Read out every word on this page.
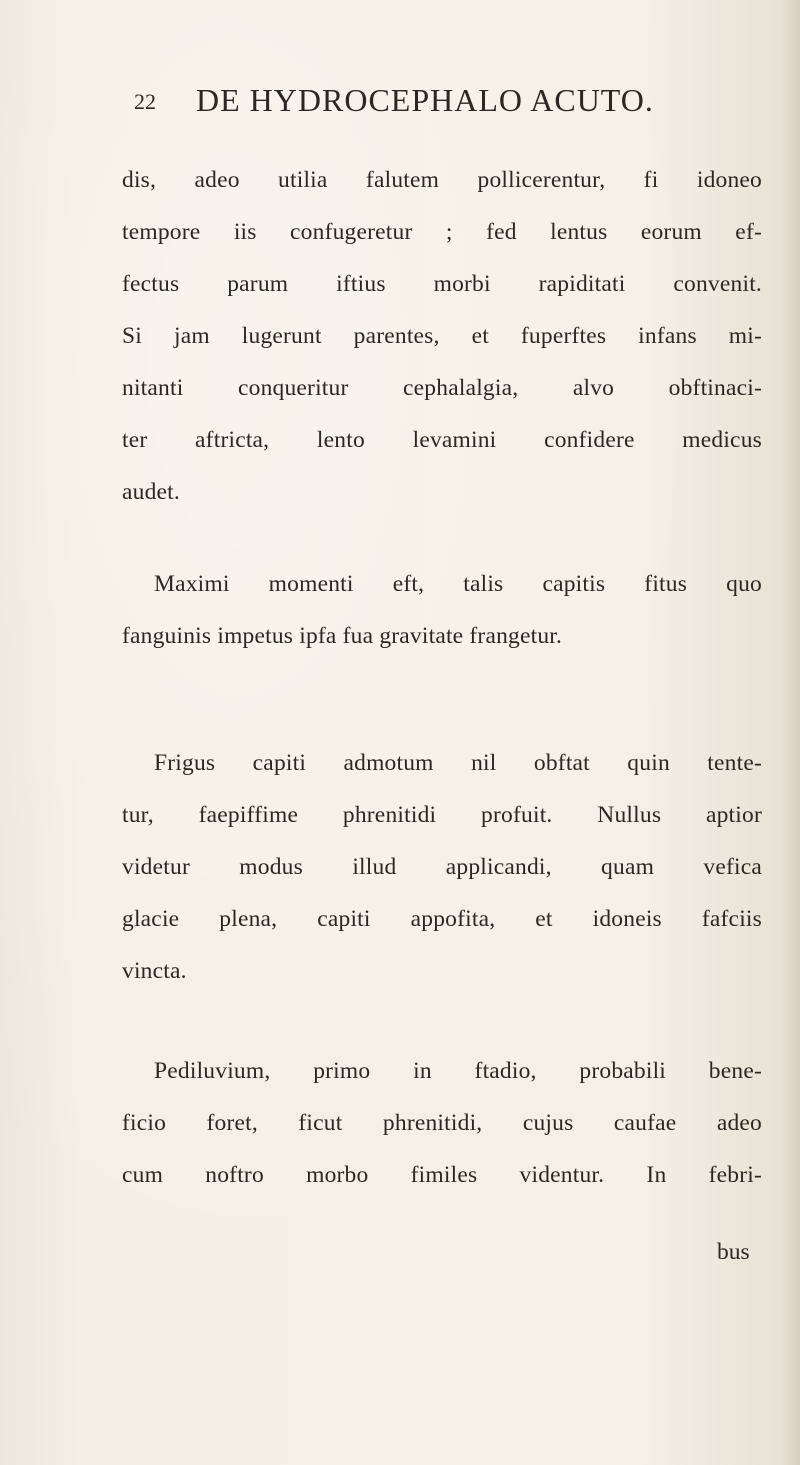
22 DE HYDROCEPHALO ACUTO.
dis, adeo utilia falutem pollicerentur, fi idoneo
tempore iis confugeretur ; fed lentus eorum ef-
fectus parum iftius morbi rapiditati convenit.
Si jam lugerunt parentes, et fuperftes infans mi-
nitanti conqueritur cephalalgia, alvo obftinaci-
ter aftricta, lento levamini confidere medicus
audet.
Maximi momenti eft, talis capitis fitus quo
fanguinis impetus ipfa fua gravitate frangetur.
Frigus capiti admotum nil obftat quin tente-
tur, faepiffime phrenitidi profuit. Nullus aptior
videtur modus illud applicandi, quam vefica
glacie plena, capiti appofita, et idoneis fafciis
vincta.
Pediluvium, primo in ftadio, probabili bene-
ficio foret, ficut phrenitidi, cujus caufae adeo
cum noftro morbo fimiles videntur. In febri-
bus
